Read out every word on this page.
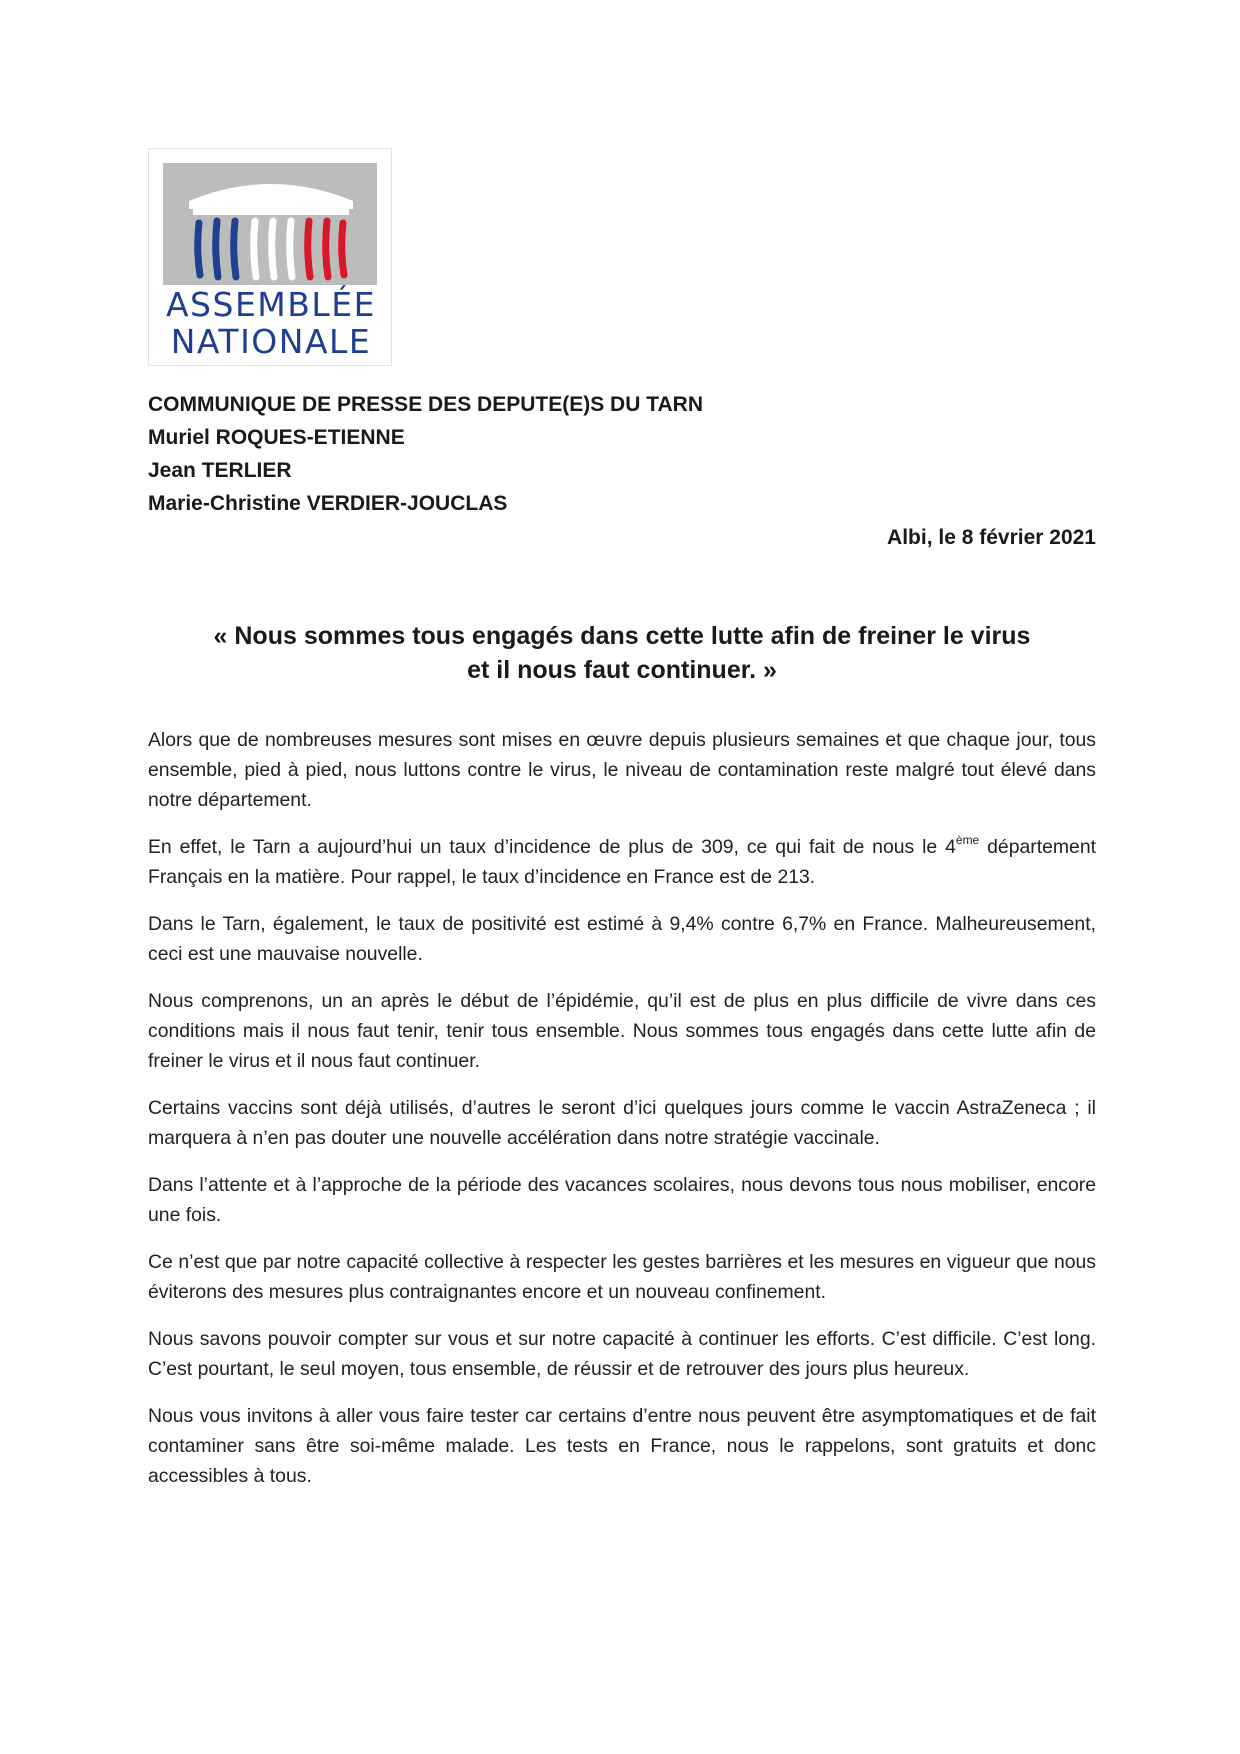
ASSEMBLÉE
NATIONALE
COMMUNIQUE DE PRESSE DES DEPUTE(E)S DU TARN
Muriel ROQUES-ETIENNE
Jean TERLIER
Marie-Christine VERDIER-JOUCLAS
Albi, le 8 février 2021
« Nous sommes tous engagés dans cette lutte afin de freiner le virus
et il nous faut continuer. »

Alors que de nombreuses mesures sont mises en œuvre depuis plusieurs semaines et que chaque jour, tous ensemble, pied à pied, nous luttons contre le virus, le niveau de contamination reste malgré tout élevé dans notre département.

En effet, le Tarn a aujourd’hui un taux d’incidence de plus de 309, ce qui fait de nous le 4ème département Français en la matière. Pour rappel, le taux d’incidence en France est de 213.

Dans le Tarn, également, le taux de positivité est estimé à 9,4% contre 6,7% en France. Malheureusement, ceci est une mauvaise nouvelle.

Nous comprenons, un an après le début de l’épidémie, qu’il est de plus en plus difficile de vivre dans ces conditions mais il nous faut tenir, tenir tous ensemble. Nous sommes tous engagés dans cette lutte afin de freiner le virus et il nous faut continuer.

Certains vaccins sont déjà utilisés, d’autres le seront d’ici quelques jours comme le vaccin AstraZeneca ; il marquera à n’en pas douter une nouvelle accélération dans notre stratégie vaccinale.

Dans l’attente et à l’approche de la période des vacances scolaires, nous devons tous nous mobiliser, encore une fois.

Ce n’est que par notre capacité collective à respecter les gestes barrières et les mesures en vigueur que nous éviterons des mesures plus contraignantes encore et un nouveau confinement.

Nous savons pouvoir compter sur vous et sur notre capacité à continuer les efforts. C’est difficile. C’est long. C’est pourtant, le seul moyen, tous ensemble, de réussir et de retrouver des jours plus heureux.

Nous vous invitons à aller vous faire tester car certains d’entre nous peuvent être asymptomatiques et de fait contaminer sans être soi-même malade. Les tests en France, nous le rappelons, sont gratuits et donc accessibles à tous.
